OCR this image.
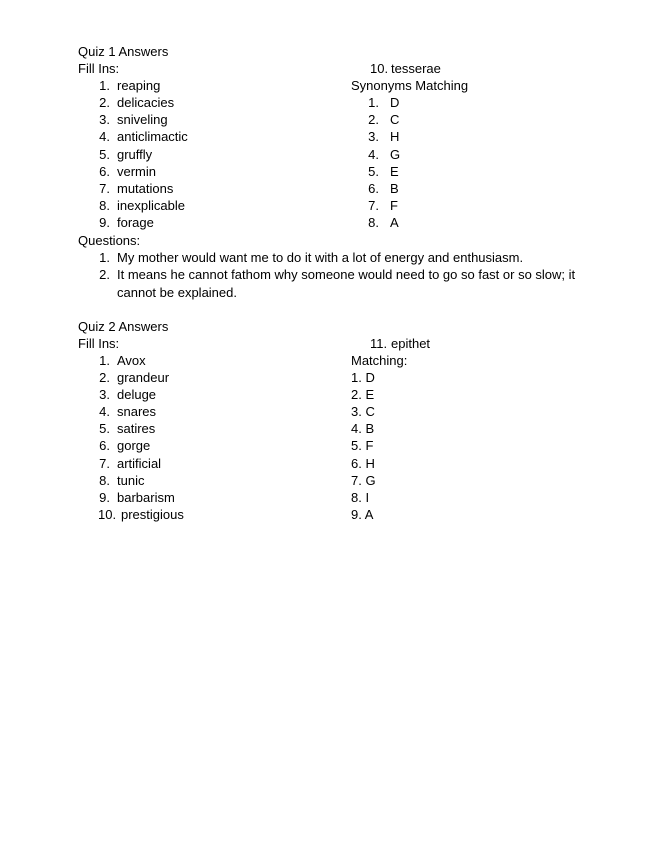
Quiz 1 Answers
Fill Ins:
1. reaping
2. delicacies
3. sniveling
4. anticlimactic
5. gruffly
6. vermin
7. mutations
8. inexplicable
9. forage
10. tesserae
Synonyms Matching
1. D
2. C
3. H
4. G
5. E
6. B
7. F
8. A
Questions:
1. My mother would want me to do it with a lot of energy and enthusiasm.
2. It means he cannot fathom why someone would need to go so fast or so slow; it cannot be explained.
Quiz 2 Answers
Fill Ins:
1. Avox
2. grandeur
3. deluge
4. snares
5. satires
6. gorge
7. artificial
8. tunic
9. barbarism
10. prestigious
11. epithet
Matching:
1. D
2. E
3. C
4. B
5. F
6. H
7. G
8. I
9. A
